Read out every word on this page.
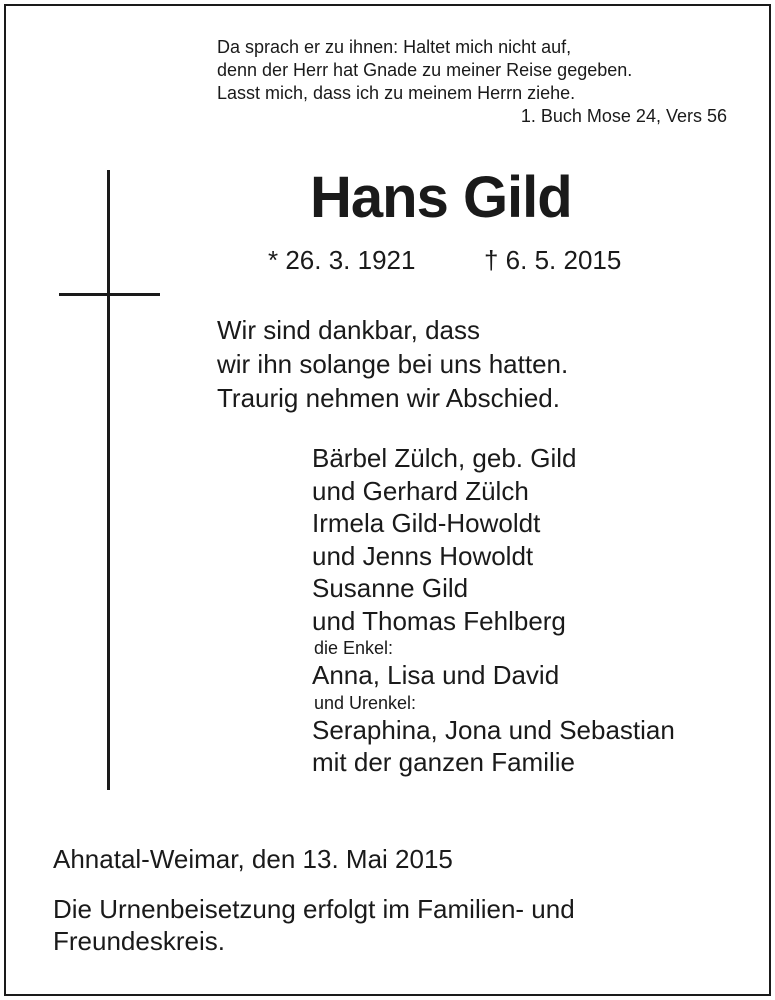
Da sprach er zu ihnen: Haltet mich nicht auf,
denn der Herr hat Gnade zu meiner Reise gegeben.
Lasst mich, dass ich zu meinem Herrn ziehe.
1. Buch Mose 24, Vers 56
Hans Gild
* 26. 3. 1921	† 6. 5. 2015
Wir sind dankbar, dass
wir ihn solange bei uns hatten.
Traurig nehmen wir Abschied.
Bärbel Zülch, geb. Gild
und Gerhard Zülch
Irmela Gild-Howoldt
und Jenns Howoldt
Susanne Gild
und Thomas Fehlberg
die Enkel:
Anna, Lisa und David
und Urenkel:
Seraphina, Jona und Sebastian
mit der ganzen Familie
Ahnatal-Weimar, den 13. Mai 2015
Die Urnenbeisetzung erfolgt im Familien- und Freundeskreis.
